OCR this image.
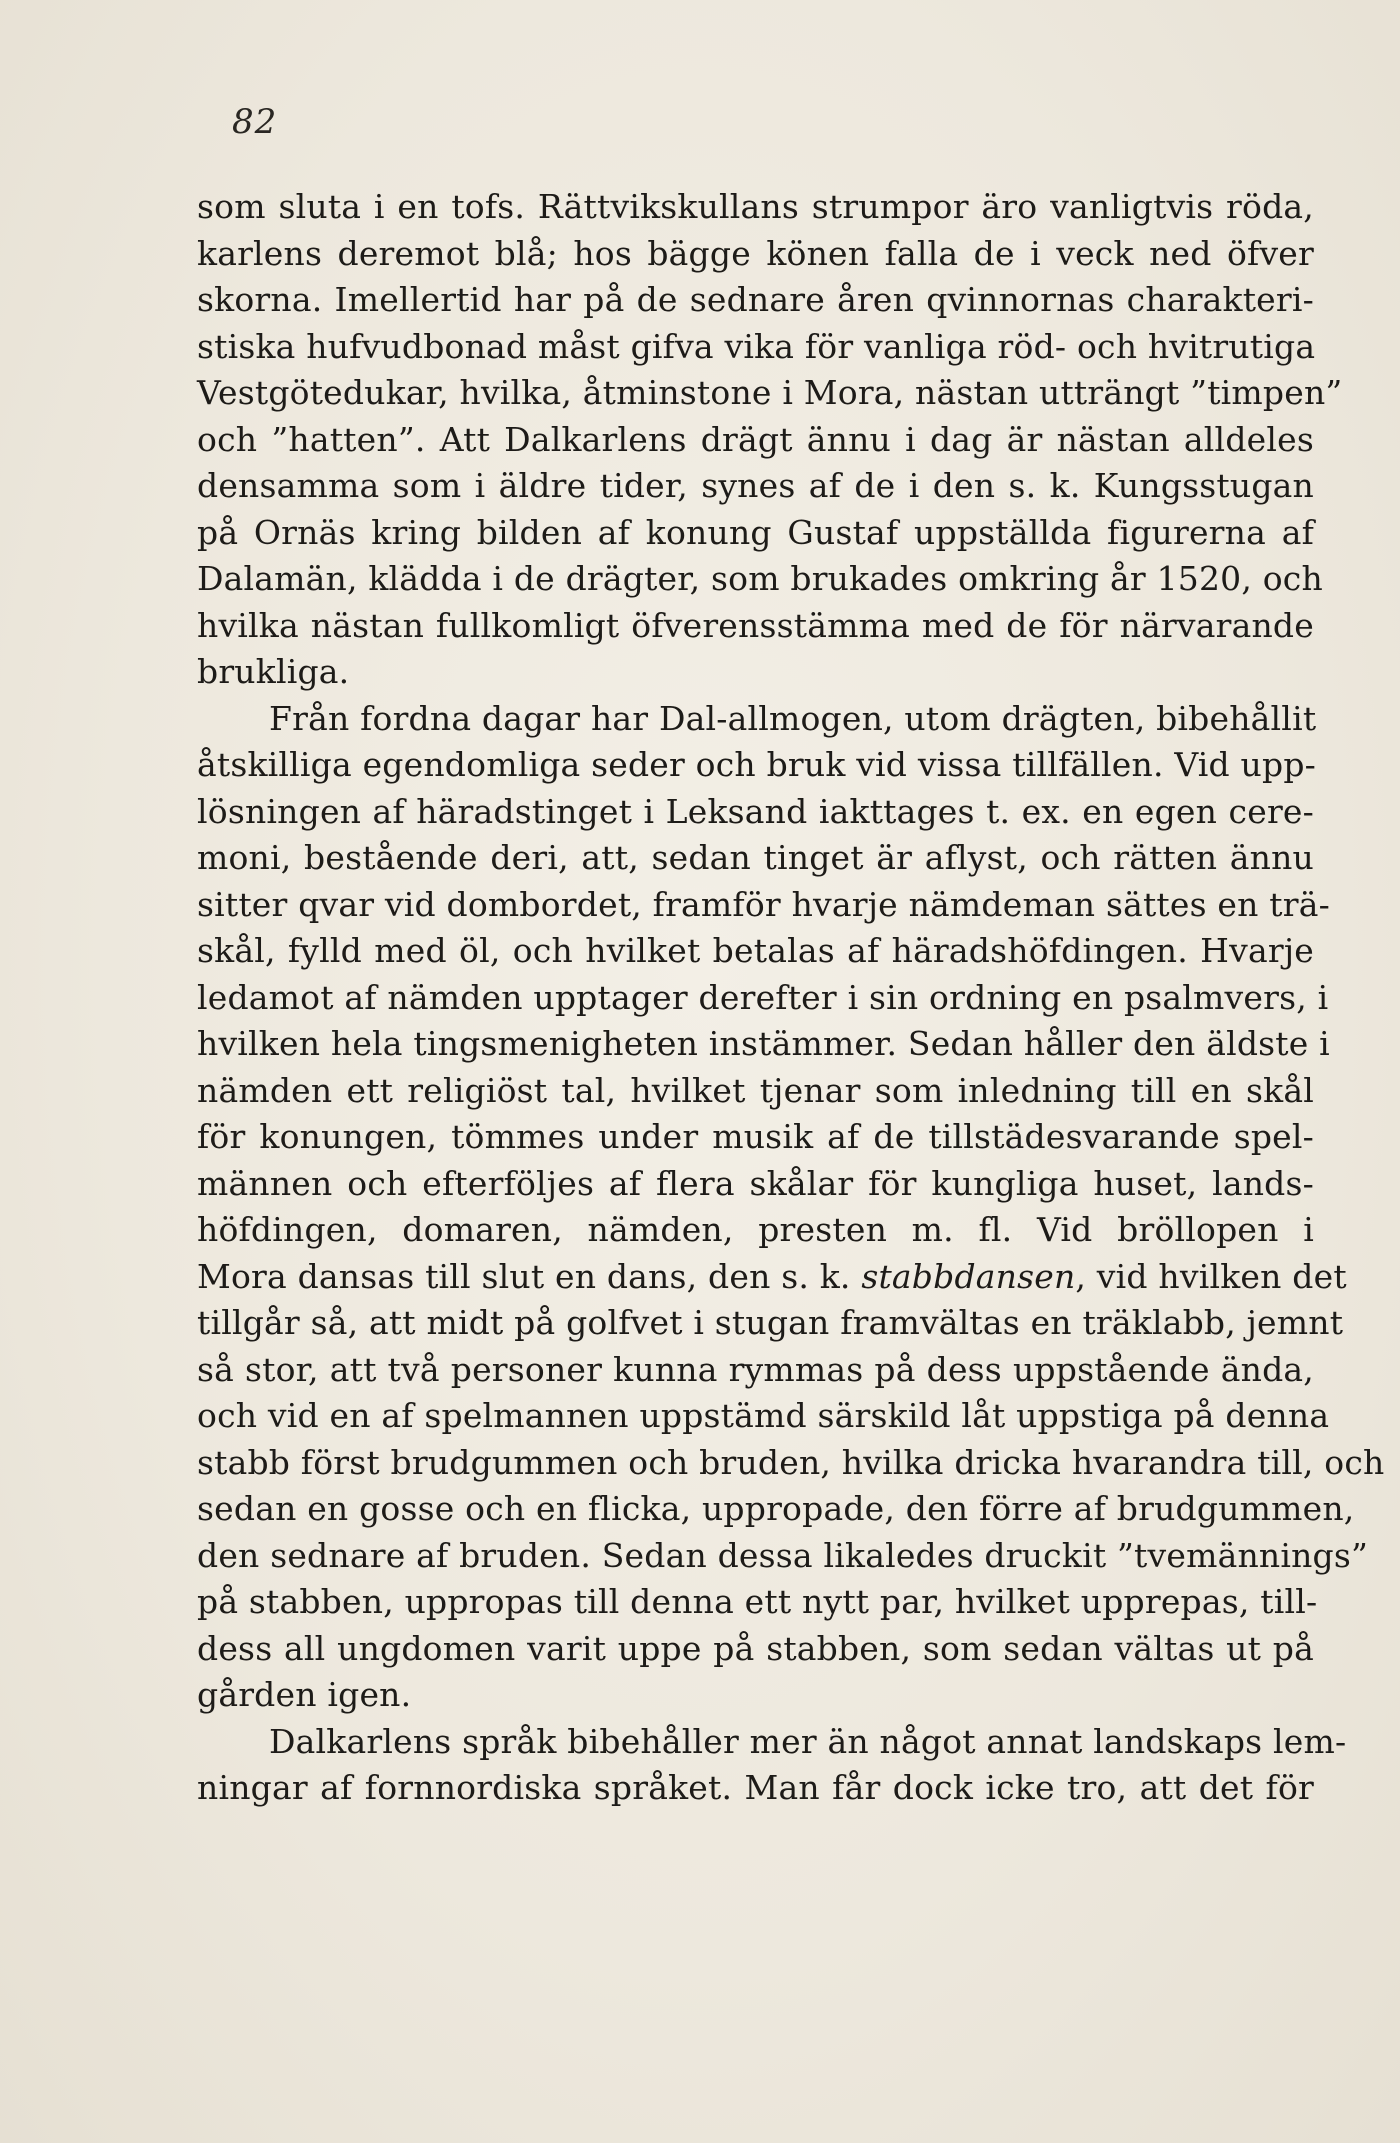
82
som sluta i en tofs. Rättvikskullans strumpor äro vanligtvis röda,
karlens deremot blå; hos bägge könen falla de i veck ned öfver
skorna. Imellertid har på de sednare åren qvinnornas charakteri-
stiska hufvudbonad måst gifva vika för vanliga röd- och hvitrutiga
Vestgötedukar, hvilka, åtminstone i Mora, nästan utträngt ”timpen”
och ”hatten”. Att Dalkarlens drägt ännu i dag är nästan alldeles
densamma som i äldre tider, synes af de i den s. k. Kungsstugan
på Ornäs kring bilden af konung Gustaf uppställda figurerna af
Dalamän, klädda i de drägter, som brukades omkring år 1520, och
hvilka nästan fullkomligt öfverensstämma med de för närvarande
brukliga.
Från fordna dagar har Dal-allmogen, utom drägten, bibehållit
åtskilliga egendomliga seder och bruk vid vissa tillfällen. Vid upp-
lösningen af häradstinget i Leksand iakttages t. ex. en egen cere-
moni, bestående deri, att, sedan tinget är aflyst, och rätten ännu
sitter qvar vid dombordet, framför hvarje nämdeman sättes en trä-
skål, fylld med öl, och hvilket betalas af häradshöfdingen. Hvarje
ledamot af nämden upptager derefter i sin ordning en psalmvers, i
hvilken hela tingsmenigheten instämmer. Sedan håller den äldste i
nämden ett religiöst tal, hvilket tjenar som inledning till en skål
för konungen, tömmes under musik af de tillstädesvarande spel-
männen och efterföljes af flera skålar för kungliga huset, lands-
höfdingen, domaren, nämden, presten m. fl. Vid bröllopen i
Mora dansas till slut en dans, den s. k. stabbdansen, vid hvilken det
tillgår så, att midt på golfvet i stugan framvältas en träklabb, jemnt
så stor, att två personer kunna rymmas på dess uppstående ända,
och vid en af spelmannen uppstämd särskild låt uppstiga på denna
stabb först brudgummen och bruden, hvilka dricka hvarandra till, och
sedan en gosse och en flicka, uppropade, den förre af brudgummen,
den sednare af bruden. Sedan dessa likaledes druckit ”tvemännings”
på stabben, uppropas till denna ett nytt par, hvilket upprepas, till-
dess all ungdomen varit uppe på stabben, som sedan vältas ut på
gården igen.
Dalkarlens språk bibehåller mer än något annat landskaps lem-
ningar af fornnordiska språket. Man får dock icke tro, att det för
